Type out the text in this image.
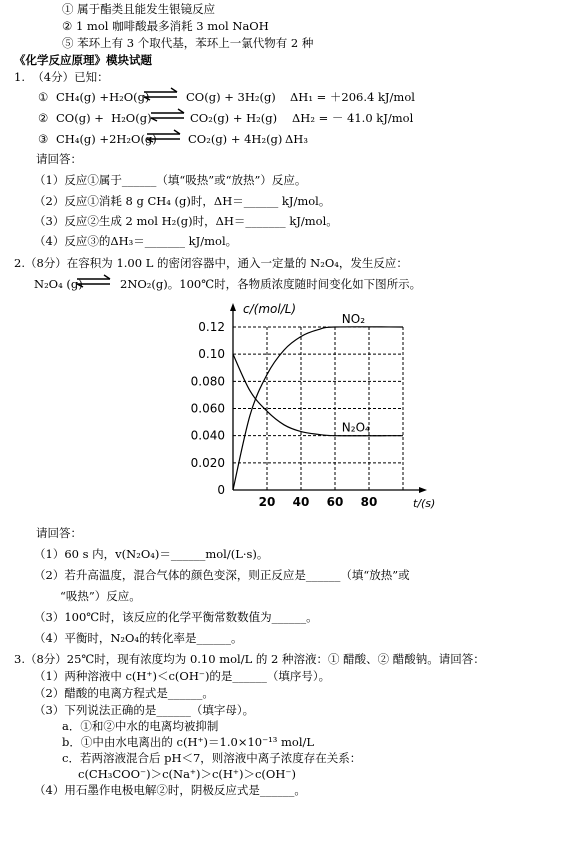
① 属于酯类且能发生银镜反应
② 1 mol 咖啡酸最多消耗 3 mol NaOH
⑤ 苯环上有 3 个取代基，苯环上一氯代物有 2 种
《化学反应原理》模块试题
1.  （4分）已知：
① CH₄(g) +H₂O(g) ⇌ CO(g) + 3H₂(g) ΔH₁ = ＋206.4 kJ/mol
② CO(g) +  H₂O(g) ⇌ CO₂(g) + H₂(g) ΔH₂ = － 41.0 kJ/mol
③ CH₄(g) +2H₂O(g) ⇌ CO₂(g) + 4H₂(g) ΔH₃
请回答：
（1）反应①属于______（填“吸热”或“放热”）反应。
（2）反应①消耗 8 g CH₄ (g)时，ΔH＝______ kJ/mol。
（3）反应②生成 2 mol H₂(g)时，ΔH＝_______ kJ/mol。
（4）反应③的ΔH₃＝_______ kJ/mol。
2.（8分）在容积为 1.00 L 的密闭容器中，通入一定量的 N₂O₄，发生反应：
N₂O₄ (g) ⇌ 2NO₂(g)。100℃时，各物质浓度随时间变化如下图所示。
0
0.020
0.040
0.060
0.080
0.10
0.12
20 40 60 80
c/(mol/L)
t/(s)
NO₂
N₂O₄
请回答：
（1）60 s 内，v(N₂O₄)＝______mol/(L·s)。
（2）若升高温度，混合气体的颜色变深，则正反应是______（填“放热”或
“吸热”）反应。
（3）100℃时，该反应的化学平衡常数数值为______。
（4）平衡时，N₂O₄的转化率是______。
3.（8分）25℃时，现有浓度均为 0.10 mol/L 的 2 种溶液：① 醋酸、② 醋酸钠。请回答：
（1）两种溶液中 c(H⁺)＜c(OH⁻)的是______（填序号）。
（2）醋酸的电离方程式是______。
（3）下列说法正确的是______（填字母）。
a．①和②中水的电离均被抑制
b．①中由水电离出的 c(H⁺)＝1.0×10⁻¹³ mol/L
c．若两溶液混合后 pH＜7，则溶液中离子浓度存在关系：
c(CH₃COO⁻)＞c(Na⁺)＞c(H⁺)＞c(OH⁻)
（4）用石墨作电极电解②时，阴极反应式是______。
